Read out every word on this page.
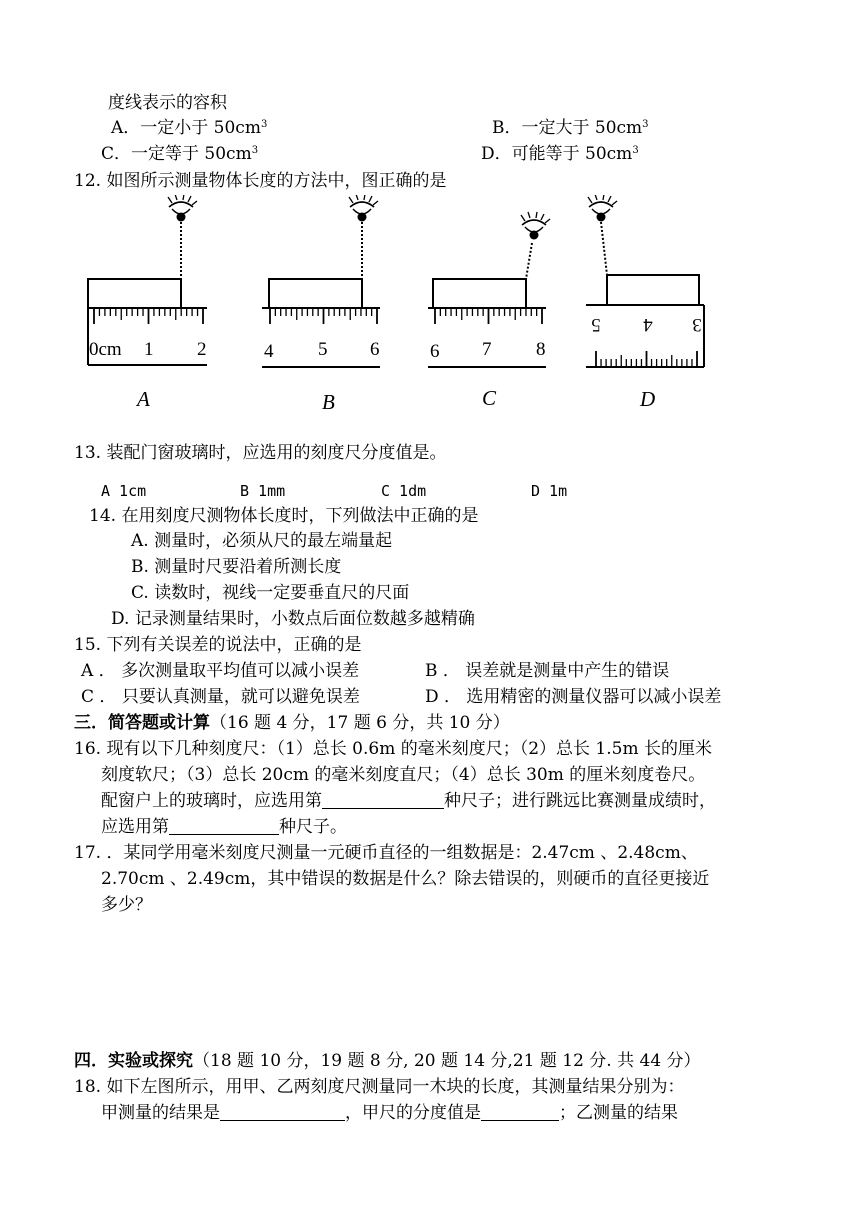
度线表示的容积
A．一定小于 $50cm^3$	B．一定大于 $50cm^3$
C．一定等于 $50cm^3$	D．可能等于 $50cm^3$
12. 如图所示测量物体长度的方法中，图正确的是
0cm 1 2	4 5 6	6 7 8
5 4 3
A	B	C	D
13. 装配门窗玻璃时，应选用的刻度尺分度值是。
A 1cm	B 1mm	C 1dm	D 1m
14. 在用刻度尺测物体长度时，下列做法中正确的是
A. 测量时，必须从尺的最左端量起
B. 测量时尺要沿着所测长度
C. 读数时，视线一定要垂直尺的尺面
D. 记录测量结果时，小数点后面位数越多越精确
15. 下列有关误差的说法中，正确的是
A ． 多次测量取平均值可以减小误差	B ． 误差就是测量中产生的错误
C ． 只要认真测量，就可以避免误差	D ． 选用精密的测量仪器可以减小误差
三．简答题或计算（16 题 4 分，17 题 6 分，共 10 分）
16. 现有以下几种刻度尺：（1）总长 0.6m 的毫米刻度尺；（2）总长 1.5m 长的厘米
刻度软尺；（3）总长 20cm 的毫米刻度直尺；（4）总长 30m 的厘米刻度卷尺。
配窗户上的玻璃时，应选用第	种尺子；进行跳远比赛测量成绩时，
应选用第	种尺子。
17. ．某同学用毫米刻度尺测量一元硬币直径的一组数据是：2.47cm 、2.48cm、
2.70cm 、2.49cm，其中错误的数据是什么？除去错误的，则硬币的直径更接近
多少？
四．实验或探究（18 题 10 分，19 题 8 分, 20 题 14 分,21 题 12 分. 共 44 分）
18. 如下左图所示，用甲、乙两刻度尺测量同一木块的长度，其测量结果分别为：
甲测量的结果是	，甲尺的分度值是	；乙测量的结果
